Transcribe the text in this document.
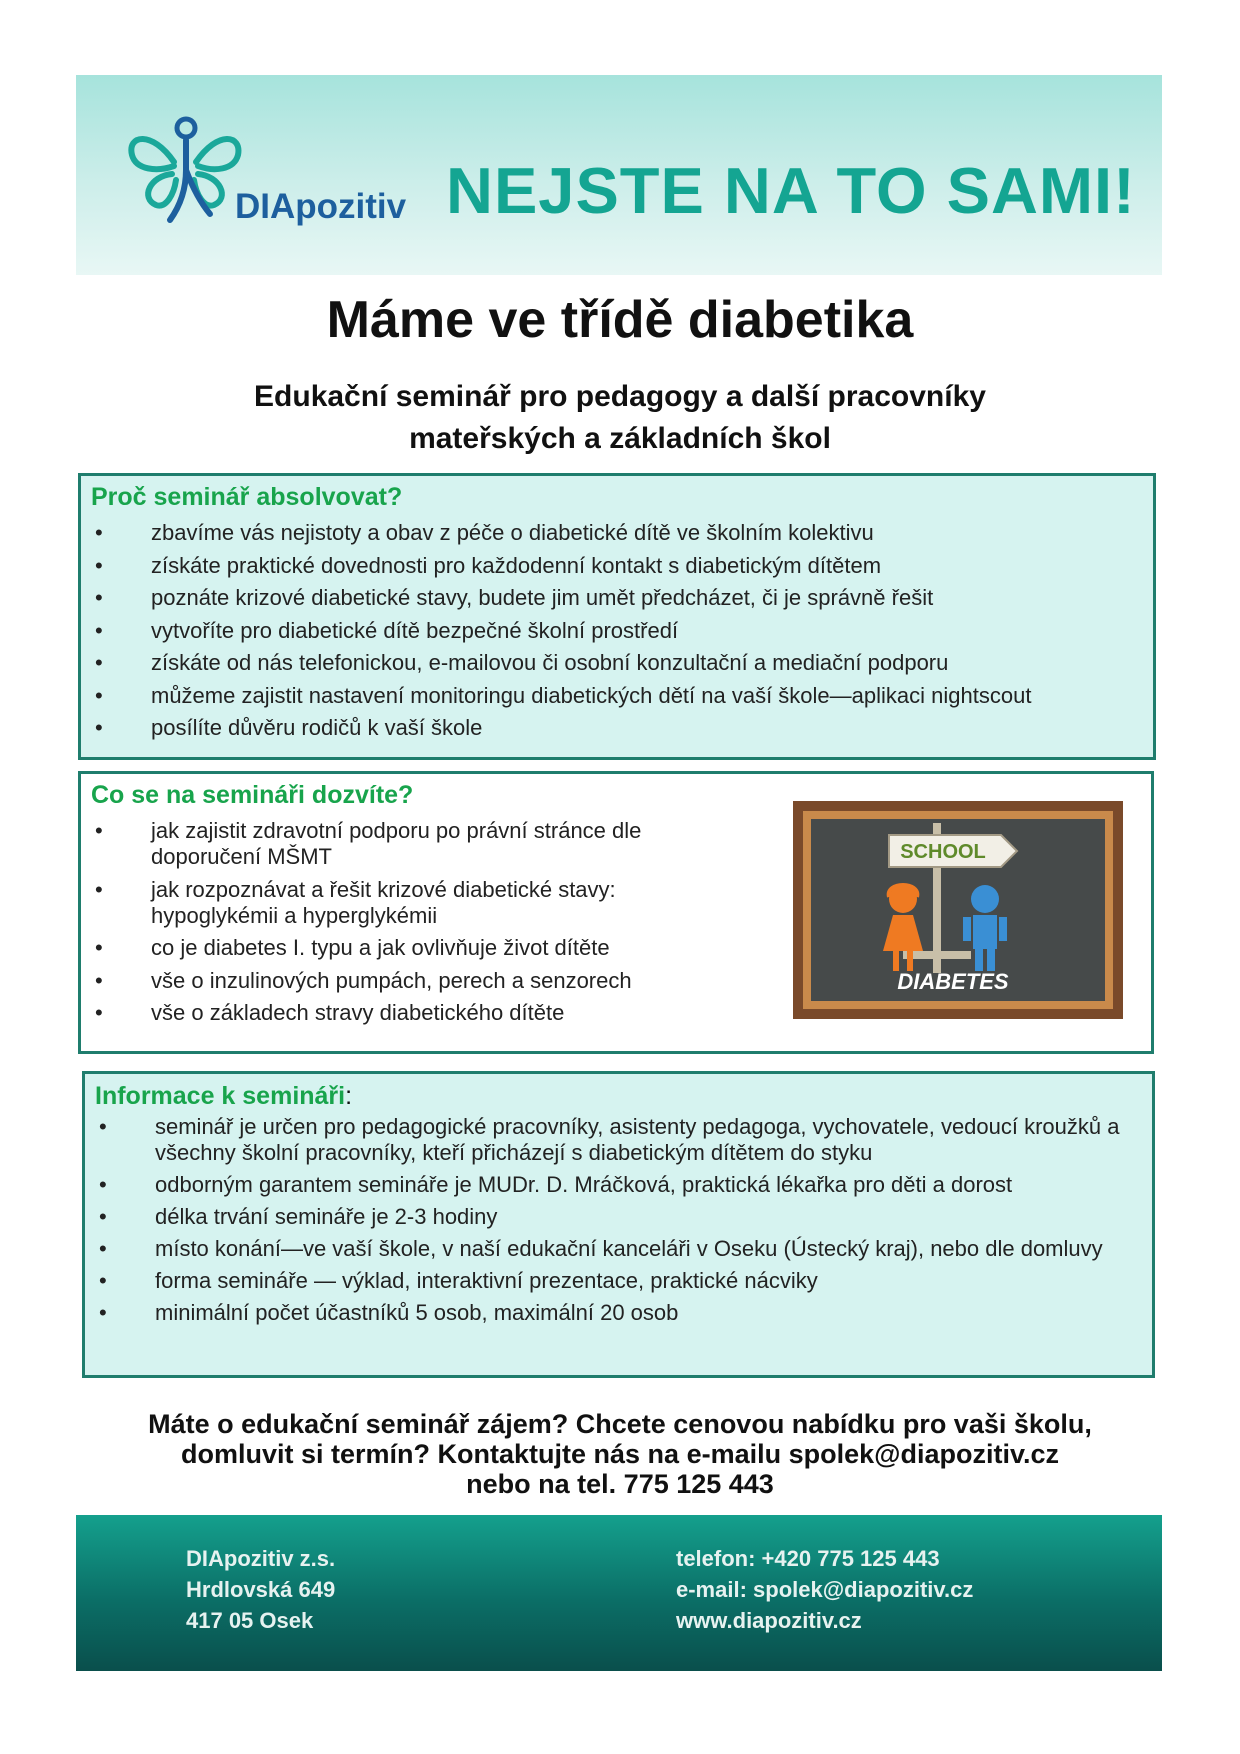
DIApozitiv NEJSTE NA TO SAMI!
Máme ve třídě diabetika
Edukační seminář pro pedagogy a další pracovníky
mateřských a základních škol
Proč seminář absolvovat?
• zbavíme vás nejistoty a obav z péče o diabetické dítě ve školním kolektivu
• získáte praktické dovednosti pro každodenní kontakt s diabetickým dítětem
• poznáte krizové diabetické stavy, budete jim umět předcházet, či je správně řešit
• vytvoříte pro diabetické dítě bezpečné školní prostředí
• získáte od nás telefonickou, e-mailovou či osobní konzultační a mediační podporu
• můžeme zajistit nastavení monitoringu diabetických dětí na vaší škole—aplikaci nightscout
• posílíte důvěru rodičů k vaší škole
Co se na semináři dozvíte?
• jak zajistit zdravotní podporu po právní stránce dle doporučení MŠMT
• jak rozpoznávat a řešit krizové diabetické stavy: hypoglykémii a hyperglykémii
• co je diabetes I. typu a jak ovlivňuje život dítěte
• vše o inzulinových pumpách, perech a senzorech
• vše o základech stravy diabetického dítěte
SCHOOL
DIABETES
Informace k semináři:
• seminář je určen pro pedagogické pracovníky, asistenty pedagoga, vychovatele, vedoucí kroužků a všechny školní pracovníky, kteří přicházejí s diabetickým dítětem do styku
• odborným garantem semináře je MUDr. D. Mráčková, praktická lékařka pro děti a dorost
• délka trvání semináře je 2-3 hodiny
• místo konání—ve vaší škole, v naší edukační kanceláři v Oseku (Ústecký kraj), nebo dle domluvy
• forma semináře — výklad, interaktivní prezentace, praktické nácviky
• minimální počet účastníků 5 osob, maximální 20 osob
Máte o edukační seminář zájem? Chcete cenovou nabídku pro vaši školu,
domluvit si termín? Kontaktujte nás na e-mailu spolek@diapozitiv.cz
nebo na tel. 775 125 443
DIApozitiv z.s.
Hrdlovská 649
417 05 Osek
telefon: +420 775 125 443
e-mail: spolek@diapozitiv.cz
www.diapozitiv.cz
